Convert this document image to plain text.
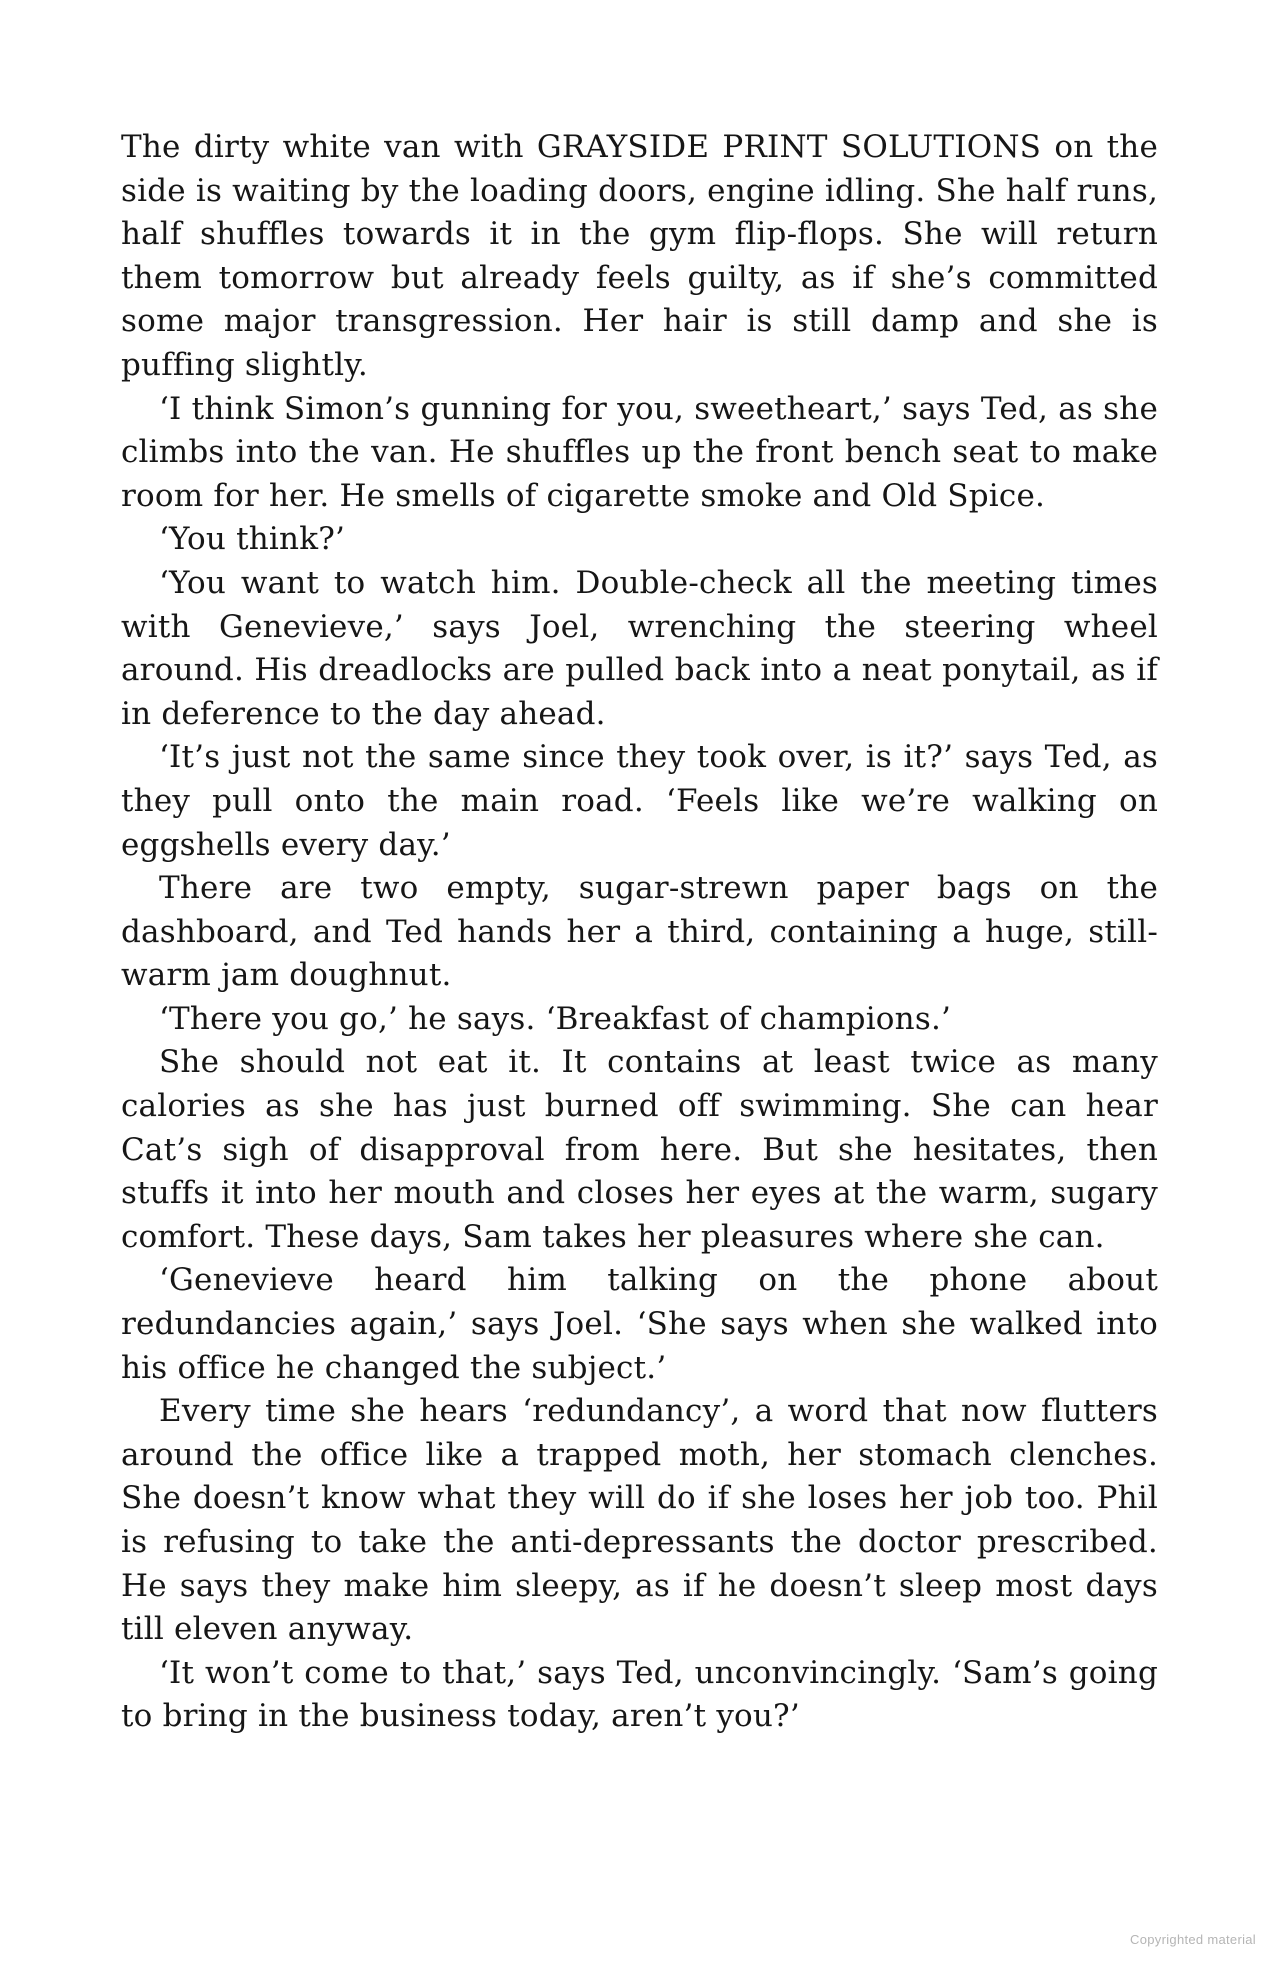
The dirty white van with GRAYSIDE PRINT SOLUTIONS on the side is waiting by the loading doors, engine idling. She half runs, half shuffles towards it in the gym flip-flops. She will return them tomorrow but already feels guilty, as if she’s committed some major transgression. Her hair is still damp and she is puffing slightly.

‘I think Simon’s gunning for you, sweetheart,’ says Ted, as she climbs into the van. He shuffles up the front bench seat to make room for her. He smells of cigarette smoke and Old Spice.

‘You think?’

‘You want to watch him. Double-check all the meeting times with Genevieve,’ says Joel, wrenching the steering wheel around. His dreadlocks are pulled back into a neat ponytail, as if in deference to the day ahead.

‘It’s just not the same since they took over, is it?’ says Ted, as they pull onto the main road. ‘Feels like we’re walking on eggshells every day.’

There are two empty, sugar-strewn paper bags on the dashboard, and Ted hands her a third, containing a huge, still-warm jam doughnut.

‘There you go,’ he says. ‘Breakfast of champions.’

She should not eat it. It contains at least twice as many calories as she has just burned off swimming. She can hear Cat’s sigh of disapproval from here. But she hesitates, then stuffs it into her mouth and closes her eyes at the warm, sugary comfort. These days, Sam takes her pleasures where she can.

‘Genevieve heard him talking on the phone about redundancies again,’ says Joel. ‘She says when she walked into his office he changed the subject.’

Every time she hears ‘redundancy’, a word that now flutters around the office like a trapped moth, her stomach clenches. She doesn’t know what they will do if she loses her job too. Phil is refusing to take the anti-depressants the doctor prescribed. He says they make him sleepy, as if he doesn’t sleep most days till eleven anyway.

‘It won’t come to that,’ says Ted, unconvincingly. ‘Sam’s going to bring in the business today, aren’t you?’

Copyrighted material
